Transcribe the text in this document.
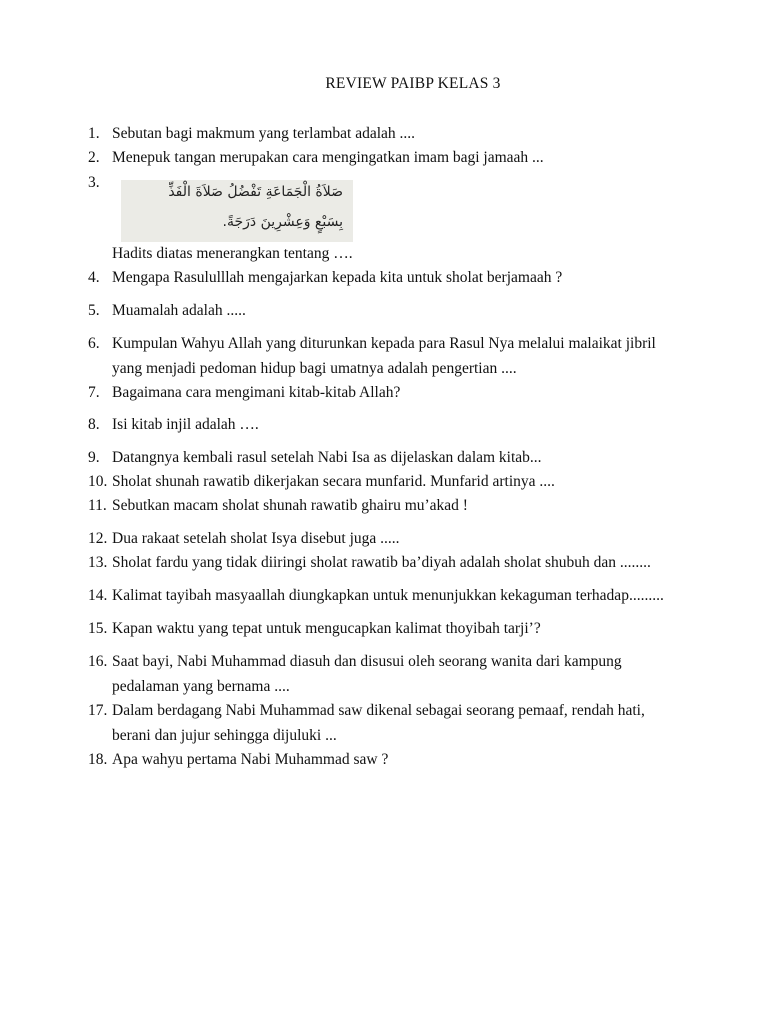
REVIEW PAIBP KELAS 3
1. Sebutan bagi makmum yang terlambat adalah ....
2. Menepuk tangan merupakan cara mengingatkan imam bagi jamaah ...
3.
صَلاَةُ الْجَمَاعَةِ تَفْضُلُ صَلاَةَ الْفَذِّ
بِسَبْعٍ وَعِشْرِينَ دَرَجَةً.
Hadits diatas menerangkan tentang ….
4. Mengapa Rasululllah mengajarkan kepada kita untuk sholat berjamaah ?
5. Muamalah adalah .....
6. Kumpulan Wahyu Allah yang diturunkan kepada para Rasul Nya melalui malaikat jibril
yang menjadi pedoman hidup bagi umatnya adalah pengertian ....
7. Bagaimana cara mengimani kitab-kitab Allah?
8. Isi kitab injil adalah ….
9. Datangnya kembali rasul setelah Nabi Isa as dijelaskan dalam kitab...
10. Sholat shunah rawatib dikerjakan secara munfarid. Munfarid artinya ....
11. Sebutkan macam sholat shunah rawatib ghairu mu’akad !
12. Dua rakaat setelah sholat Isya disebut juga .....
13. Sholat fardu yang tidak diiringi sholat rawatib ba’diyah adalah sholat shubuh dan ........
14. Kalimat tayibah masyaallah diungkapkan untuk menunjukkan kekaguman terhadap.........
15. Kapan waktu yang tepat untuk mengucapkan kalimat thoyibah tarji’?
16. Saat bayi, Nabi Muhammad diasuh dan disusui oleh seorang wanita dari kampung
pedalaman yang bernama ....
17. Dalam berdagang Nabi Muhammad saw dikenal sebagai seorang pemaaf, rendah hati,
berani dan jujur sehingga dijuluki ...
18. Apa wahyu pertama Nabi Muhammad saw ?
